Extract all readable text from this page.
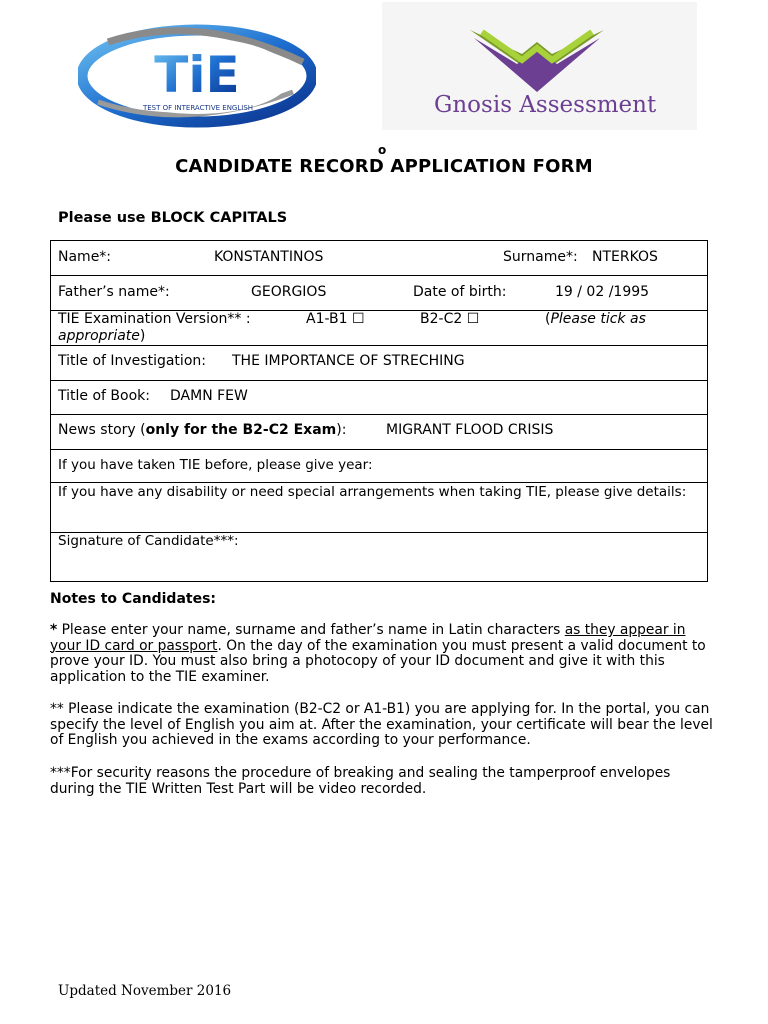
TiE
TEST OF INTERACTIVE ENGLISH	Gnosis Assessment
o
CANDIDATE RECORD APPLICATION FORM
Please use BLOCK CAPITALS
Name*:	KONSTANTINOS	Surname*: NTERKOS
Father’s name*:	GEORGIOS	Date of birth:	19 / 02 /1995
TIE Examination Version** :	A1-B1 ☐	B2-C2 ☐	(Please tick as appropriate)
Title of Investigation: THE IMPORTANCE OF STRECHING
Title of Book: DAMN FEW
News story (only for the B2-C2 Exam):	MIGRANT FLOOD CRISIS
If you have taken TIE before, please give year:
If you have any disability or need special arrangements when taking TIE, please give details:
Signature of Candidate***:
Notes to Candidates:
* Please enter your name, surname and father’s name in Latin characters as they appear in your ID card or passport. On the day of the examination you must present a valid document to prove your ID. You must also bring a photocopy of your ID document and give it with this application to the TIE examiner.
** Please indicate the examination (B2-C2 or A1-B1) you are applying for. In the portal, you can specify the level of English you aim at. After the examination, your certificate will bear the level of English you achieved in the exams according to your performance.
***For security reasons the procedure of breaking and sealing the tamperproof envelopes during the TIE Written Test Part will be video recorded.
Updated November 2016
